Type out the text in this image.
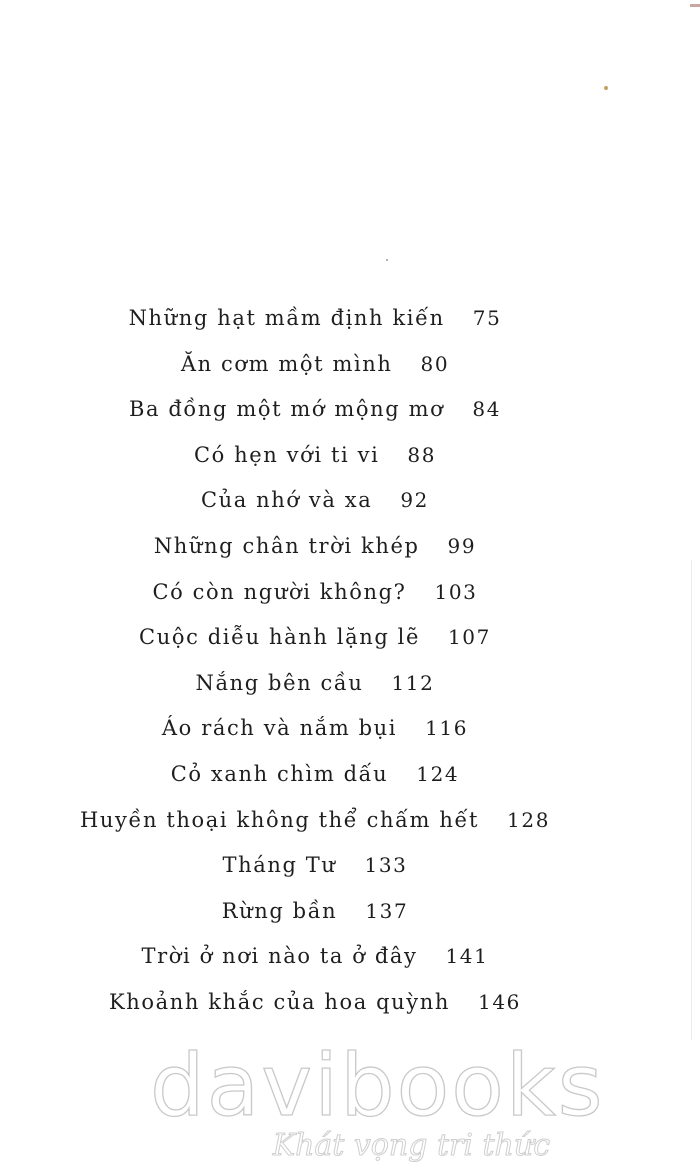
Những hạt mầm định kiến 75
Ăn cơm một mình 80
Ba đồng một mớ mộng mơ 84
Có hẹn với ti vi 88
Của nhớ và xa 92
Những chân trời khép 99
Có còn người không? 103
Cuộc diễu hành lặng lẽ 107
Nắng bên cầu 112
Áo rách và nắm bụi 116
Cỏ xanh chìm dấu 124
Huyền thoại không thể chấm hết 128
Tháng Tư 133
Rừng bần 137
Trời ở nơi nào ta ở đây 141
Khoảnh khắc của hoa quỳnh 146
davibooks
Khát vọng tri thức
